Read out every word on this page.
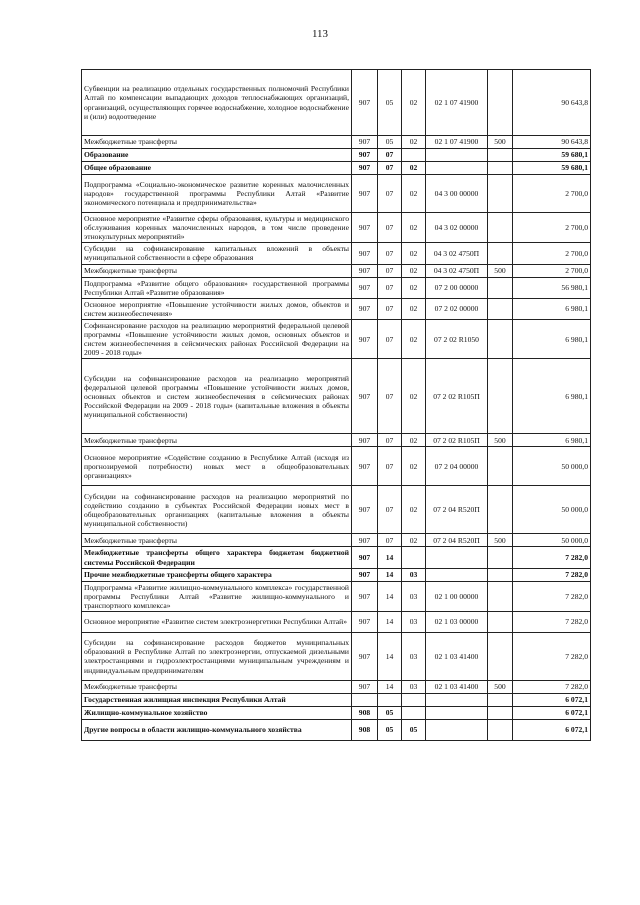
113
Субвенции на реализацию отдельных государственных полномочий Республики Алтай по компенсации выпадающих доходов теплоснабжающих организаций, организаций, осуществляющих горячее водоснабжение, холодное водоснабжение и (или) водоотведение	907	05	02	02 1 07 41900		90 643,8
Межбюджетные трансферты	907	05	02	02 1 07 41900	500	90 643,8
Образование	907	07				59 680,1
Общее образование	907	07	02			59 680,1
Подпрограмма «Социально-экономическое развитие коренных малочисленных народов» государственной программы Республики Алтай «Развитие экономического потенциала и предпринимательства»	907	07	02	04 3 00 00000		2 700,0
Основное мероприятие «Развитие сферы образования, культуры и медицинского обслуживания коренных малочисленных народов, в том числе проведение этнокультурных мероприятий»	907	07	02	04 3 02 00000		2 700,0
Субсидии на софинансирование капитальных вложений в объекты муниципальной собственности в сфере образования	907	07	02	04 3 02 4750П		2 700,0
Межбюджетные трансферты	907	07	02	04 3 02 4750П	500	2 700,0
Подпрограмма «Развитие общего образования» государственной программы Республики Алтай «Развитие образования»	907	07	02	07 2 00 00000		56 980,1
Основное мероприятие «Повышение устойчивости жилых домов, объектов и систем жизнеобеспечения»	907	07	02	07 2 02 00000		6 980,1
Софинансирование расходов на реализацию мероприятий федеральной целевой программы «Повышение устойчивости жилых домов, основных объектов и систем жизнеобеспечения в сейсмических районах Российской Федерации на 2009 - 2018 годы»	907	07	02	07 2 02 R1050		6 980,1
Субсидии на софинансирование расходов на реализацию мероприятий федеральной целевой программы «Повышение устойчивости жилых домов, основных объектов и систем жизнеобеспечения в сейсмических районах Российской Федерации на 2009 - 2018 годы» (капитальные вложения в объекты муниципальной собственности)	907	07	02	07 2 02 R105П		6 980,1
Межбюджетные трансферты	907	07	02	07 2 02 R105П	500	6 980,1
Основное мероприятие «Содействие созданию в Республике Алтай (исходя из прогнозируемой потребности) новых мест в общеобразовательных организациях»	907	07	02	07 2 04 00000		50 000,0
Субсидии на софинансирование расходов на реализацию мероприятий по содействию созданию в субъектах Российской Федерации новых мест в общеобразовательных организациях (капитальные вложения в объекты муниципальной собственности)	907	07	02	07 2 04 R520П		50 000,0
Межбюджетные трансферты	907	07	02	07 2 04 R520П	500	50 000,0
Межбюджетные трансферты общего характера бюджетам бюджетной системы Российской Федерации	907	14				7 282,0
Прочие межбюджетные трансферты общего характера	907	14	03			7 282,0
Подпрограмма «Развитие жилищно-коммунального комплекса» государственной программы Республики Алтай «Развитие жилищно-коммунального и транспортного комплекса»	907	14	03	02 1 00 00000		7 282,0
Основное мероприятие «Развитие систем электроэнергетики Республики Алтай»	907	14	03	02 1 03 00000		7 282,0
Субсидии на софинансирование расходов бюджетов муниципальных образований в Республике Алтай по электроэнергии, отпускаемой дизельными электростанциями и гидроэлектростанциями муниципальным учреждениям и индивидуальным предпринимателям	907	14	03	02 1 03 41400		7 282,0
Межбюджетные трансферты	907	14	03	02 1 03 41400	500	7 282,0
Государственная жилищная инспекция Республики Алтай						6 072,1
Жилищно-коммунальное хозяйство	908	05				6 072,1
Другие вопросы в области жилищно-коммунального хозяйства	908	05	05			6 072,1
